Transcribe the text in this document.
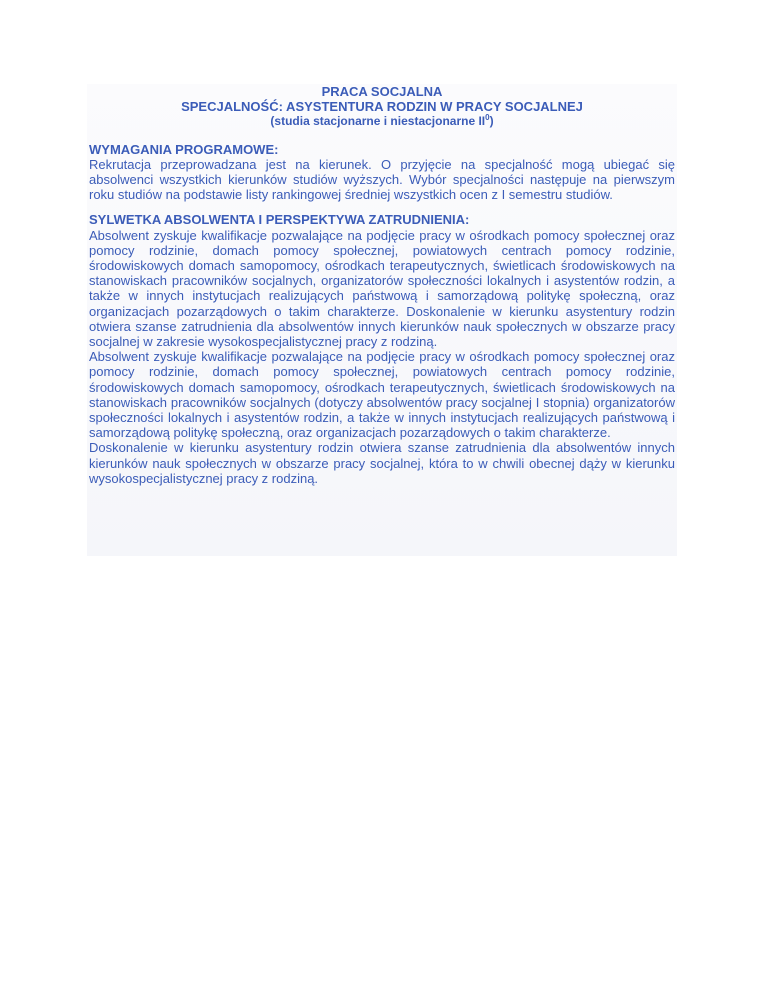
PRACA SOCJALNA
SPECJALNOŚĆ: ASYSTENTURA RODZIN W PRACY SOCJALNEJ
(studia stacjonarne i niestacjonarne $II^0$)
WYMAGANIA PROGRAMOWE:
Rekrutacja przeprowadzana jest na kierunek. O przyjęcie na specjalność mogą ubiegać się absolwenci wszystkich kierunków studiów wyższych. Wybór specjalności następuje na pierwszym roku studiów na podstawie listy rankingowej średniej wszystkich ocen z I semestru studiów.
SYLWETKA ABSOLWENTA I PERSPEKTYWA ZATRUDNIENIA:
Absolwent zyskuje kwalifikacje pozwalające na podjęcie pracy w ośrodkach pomocy społecznej oraz pomocy rodzinie, domach pomocy społecznej, powiatowych centrach pomocy rodzinie, środowiskowych domach samopomocy, ośrodkach terapeutycznych, świetlicach środowiskowych na stanowiskach pracowników socjalnych, organizatorów społeczności lokalnych i asystentów rodzin, a także w innych instytucjach realizujących państwową i samorządową politykę społeczną, oraz organizacjach pozarządowych o takim charakterze. Doskonalenie w kierunku asystentury rodzin otwiera szanse zatrudnienia dla absolwentów innych kierunków nauk społecznych w obszarze pracy socjalnej w zakresie wysokospecjalistycznej pracy z rodziną.
Absolwent zyskuje kwalifikacje pozwalające na podjęcie pracy w ośrodkach pomocy społecznej oraz pomocy rodzinie, domach pomocy społecznej, powiatowych centrach pomocy rodzinie, środowiskowych domach samopomocy, ośrodkach terapeutycznych, świetlicach środowiskowych na stanowiskach pracowników socjalnych (dotyczy absolwentów pracy socjalnej I stopnia) organizatorów społeczności lokalnych i asystentów rodzin, a także w innych instytucjach realizujących państwową i samorządową politykę społeczną, oraz organizacjach pozarządowych o takim charakterze.
Doskonalenie w kierunku asystentury rodzin otwiera szanse zatrudnienia dla absolwentów innych kierunków nauk społecznych w obszarze pracy socjalnej, która to w chwili obecnej dąży w kierunku wysokospecjalistycznej pracy z rodziną.
